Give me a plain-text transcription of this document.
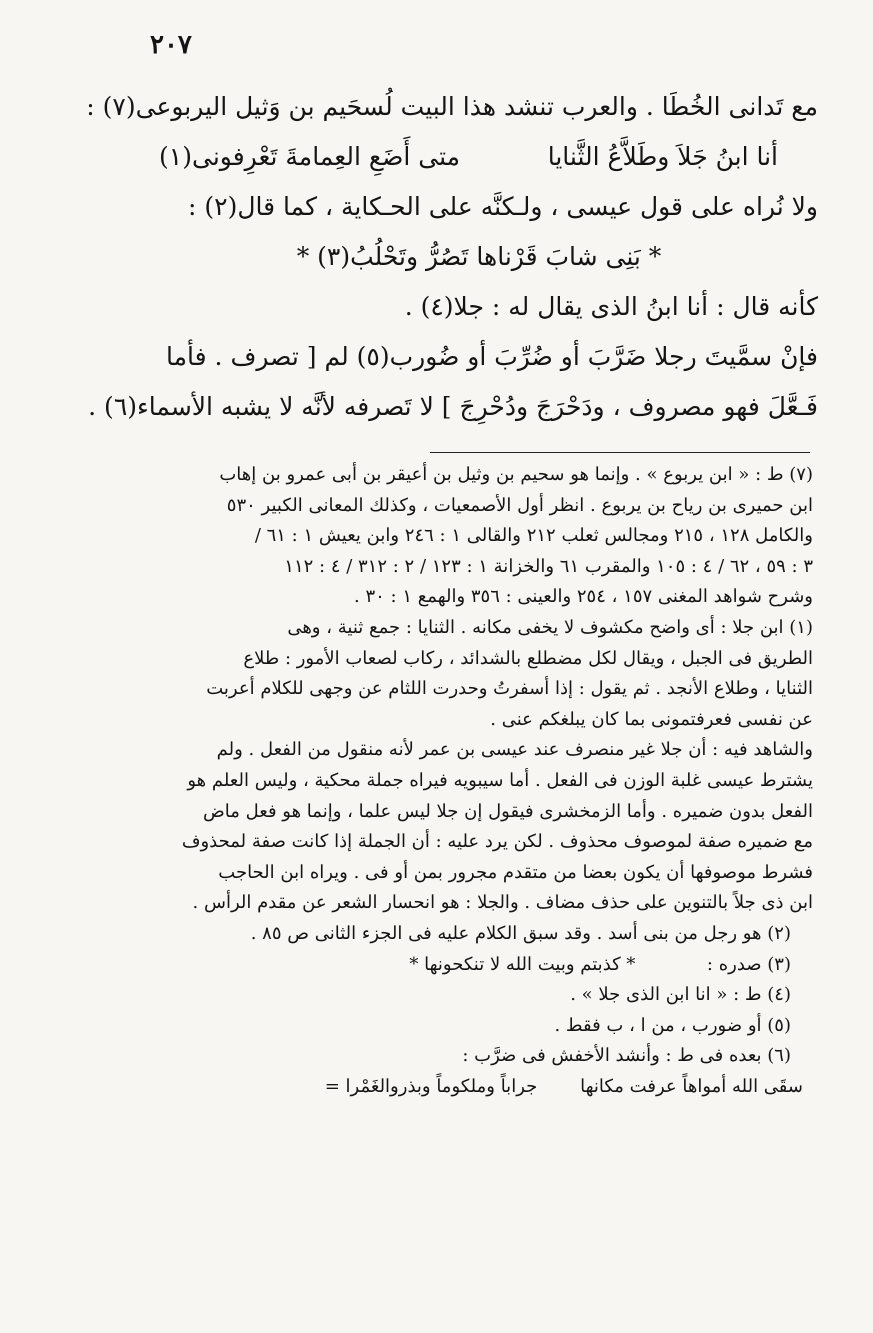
٢٠٧
مع تَدانى الخُطَا . والعرب تنشد هذا البيت لُسحَيم بن وَثيل اليربوعى(٧) :
أنا ابنُ جَلاَ وطَلاَّعُ الثَّنايا متى أَضَعِ العِمامةَ تَعْرِفونى(١)
ولا نُراه على قول عيسى ، ولـكنَّه على الحـكاية ، كما قال(٢) :
* بَنِى شابَ قَرْناها تَصُرُّ وتَحْلُبُ(٣) *
كأنه قال : أنا ابنُ الذى يقال له : جلا(٤) .
فإنْ سمَّيتَ رجلا ضَرَّبَ أو ضُرِّبَ أو ضُورب(٥) لم [ تصرف . فأما
فَـعَّلَ فهو مصروف ، ودَحْرَجَ ودُحْرِجَ ] لا تَصرفه لأنَّه لا يشبه الأسماء(٦) .
(٧) ط : « ابن يربوع » . وإنما هو سحيم بن وثيل بن أعيقر بن أبى عمرو بن إهاب
ابن حميرى بن رياح بن يربوع . انظر أول الأصمعيات ، وكذلك المعانى الكبير ٥٣٠
والكامل ١٢٨ ، ٢١٥ ومجالس ثعلب ٢١٢ والقالى ١ : ٢٤٦ وابن يعيش ١ : ٦١ /
٣ : ٥٩ ، ٦٢ / ٤ : ١٠٥ والمقرب ٦١ والخزانة ١ : ١٢٣ / ٢ : ٣١٢ / ٤ : ١١٢
وشرح شواهد المغنى ١٥٧ ، ٢٥٤ والعينى : ٣٥٦ والهمع ١ : ٣٠ .
(١) ابن جلا : أى واضح مكشوف لا يخفى مكانه . الثنايا : جمع ثنية ، وهى
الطريق فى الجبل ، ويقال لكل مضطلع بالشدائد ، ركاب لصعاب الأمور : طلاع
الثنايا ، وطلاع الأنجد . ثم يقول : إذا أسفرتُ وحدرت اللثام عن وجهى للكلام أعربت
عن نفسى فعرفتمونى بما كان يبلغكم عنى .
والشاهد فيه : أن جلا غير منصرف عند عيسى بن عمر لأنه منقول من الفعل . ولم
يشترط عيسى غلبة الوزن فى الفعل . أما سيبويه فيراه جملة محكية ، وليس العلم هو
الفعل بدون ضميره . وأما الزمخشرى فيقول إن جلا ليس علما ، وإنما هو فعل ماض
مع ضميره صفة لموصوف محذوف . لكن يرد عليه : أن الجملة إذا كانت صفة لمحذوف
فشرط موصوفها أن يكون بعضا من متقدم مجرور بمن أو فى . ويراه ابن الحاجب
ابن ذى جلاً بالتنوين على حذف مضاف . والجلا : هو انحسار الشعر عن مقدم الرأس .
(٢) هو رجل من بنى أسد . وقد سبق الكلام عليه فى الجزء الثانى ص ٨٥ .
(٣) صدره :  * كذبتم وبيت الله لا تنكحونها *
(٤) ط : « انا ابن الذى جلا » .
(٥) أو ضورب ، من ا ، ب فقط .
(٦) بعده فى ط : وأنشد الأخفش فى ضرَّب :
سقَى الله أمواهاً عرفت مكانها جراباً وملكوماً وبذروالغَمْرا =
